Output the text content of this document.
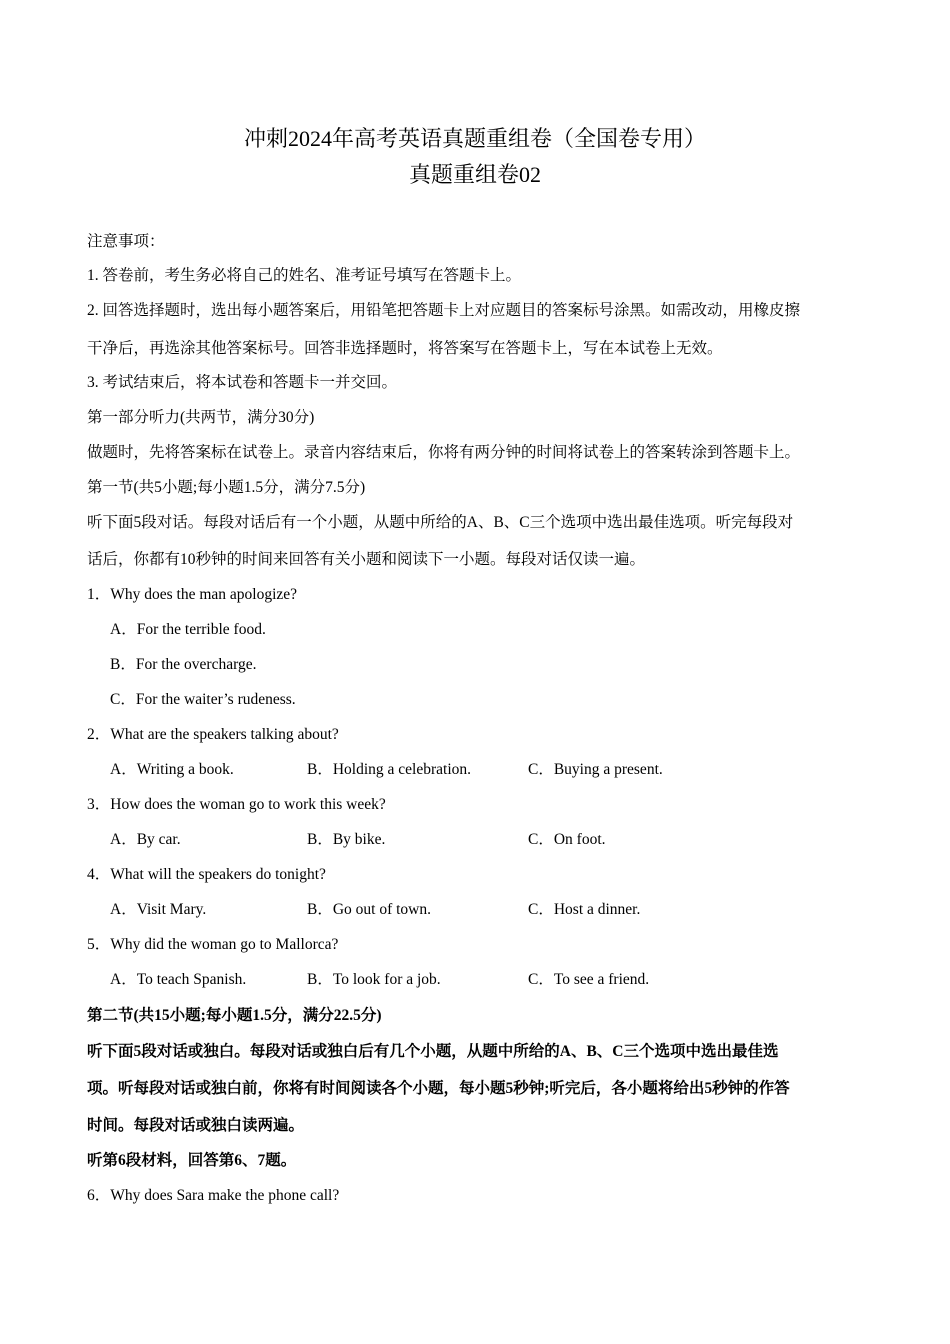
冲刺2024年高考英语真题重组卷（全国卷专用）
真题重组卷02
注意事项：
1. 答卷前，考生务必将自己的姓名、准考证号填写在答题卡上。
2. 回答选择题时，选出每小题答案后，用铅笔把答题卡上对应题目的答案标号涂黑。如需改动，用橡皮擦
干净后，再选涂其他答案标号。回答非选择题时，将答案写在答题卡上，写在本试卷上无效。
3. 考试结束后，将本试卷和答题卡一并交回。
第一部分听力(共两节，满分30分)
做题时，先将答案标在试卷上。录音内容结束后，你将有两分钟的时间将试卷上的答案转涂到答题卡上。
第一节(共5小题;每小题1.5分，满分7.5分)
听下面5段对话。每段对话后有一个小题，从题中所给的A、B、C三个选项中选出最佳选项。听完每段对
话后，你都有10秒钟的时间来回答有关小题和阅读下一小题。每段对话仅读一遍。
1．Why does the man apologize?
A．For the terrible food.
B．For the overcharge.
C．For the waiter’s rudeness.
2．What are the speakers talking about?
A．Writing a book.	B．Holding a celebration.	C．Buying a present.
3．How does the woman go to work this week?
A．By car.	B．By bike.	C．On foot.
4．What will the speakers do tonight?
A．Visit Mary.	B．Go out of town.	C．Host a dinner.
5．Why did the woman go to Mallorca?
A．To teach Spanish.	B．To look for a job.	C．To see a friend.
第二节(共15小题;每小题1.5分，满分22.5分)
听下面5段对话或独白。每段对话或独白后有几个小题，从题中所给的A、B、C三个选项中选出最佳选
项。听每段对话或独白前，你将有时间阅读各个小题，每小题5秒钟;听完后，各小题将给出5秒钟的作答
时间。每段对话或独白读两遍。
听第6段材料，回答第6、7题。
6．Why does Sara make the phone call?
